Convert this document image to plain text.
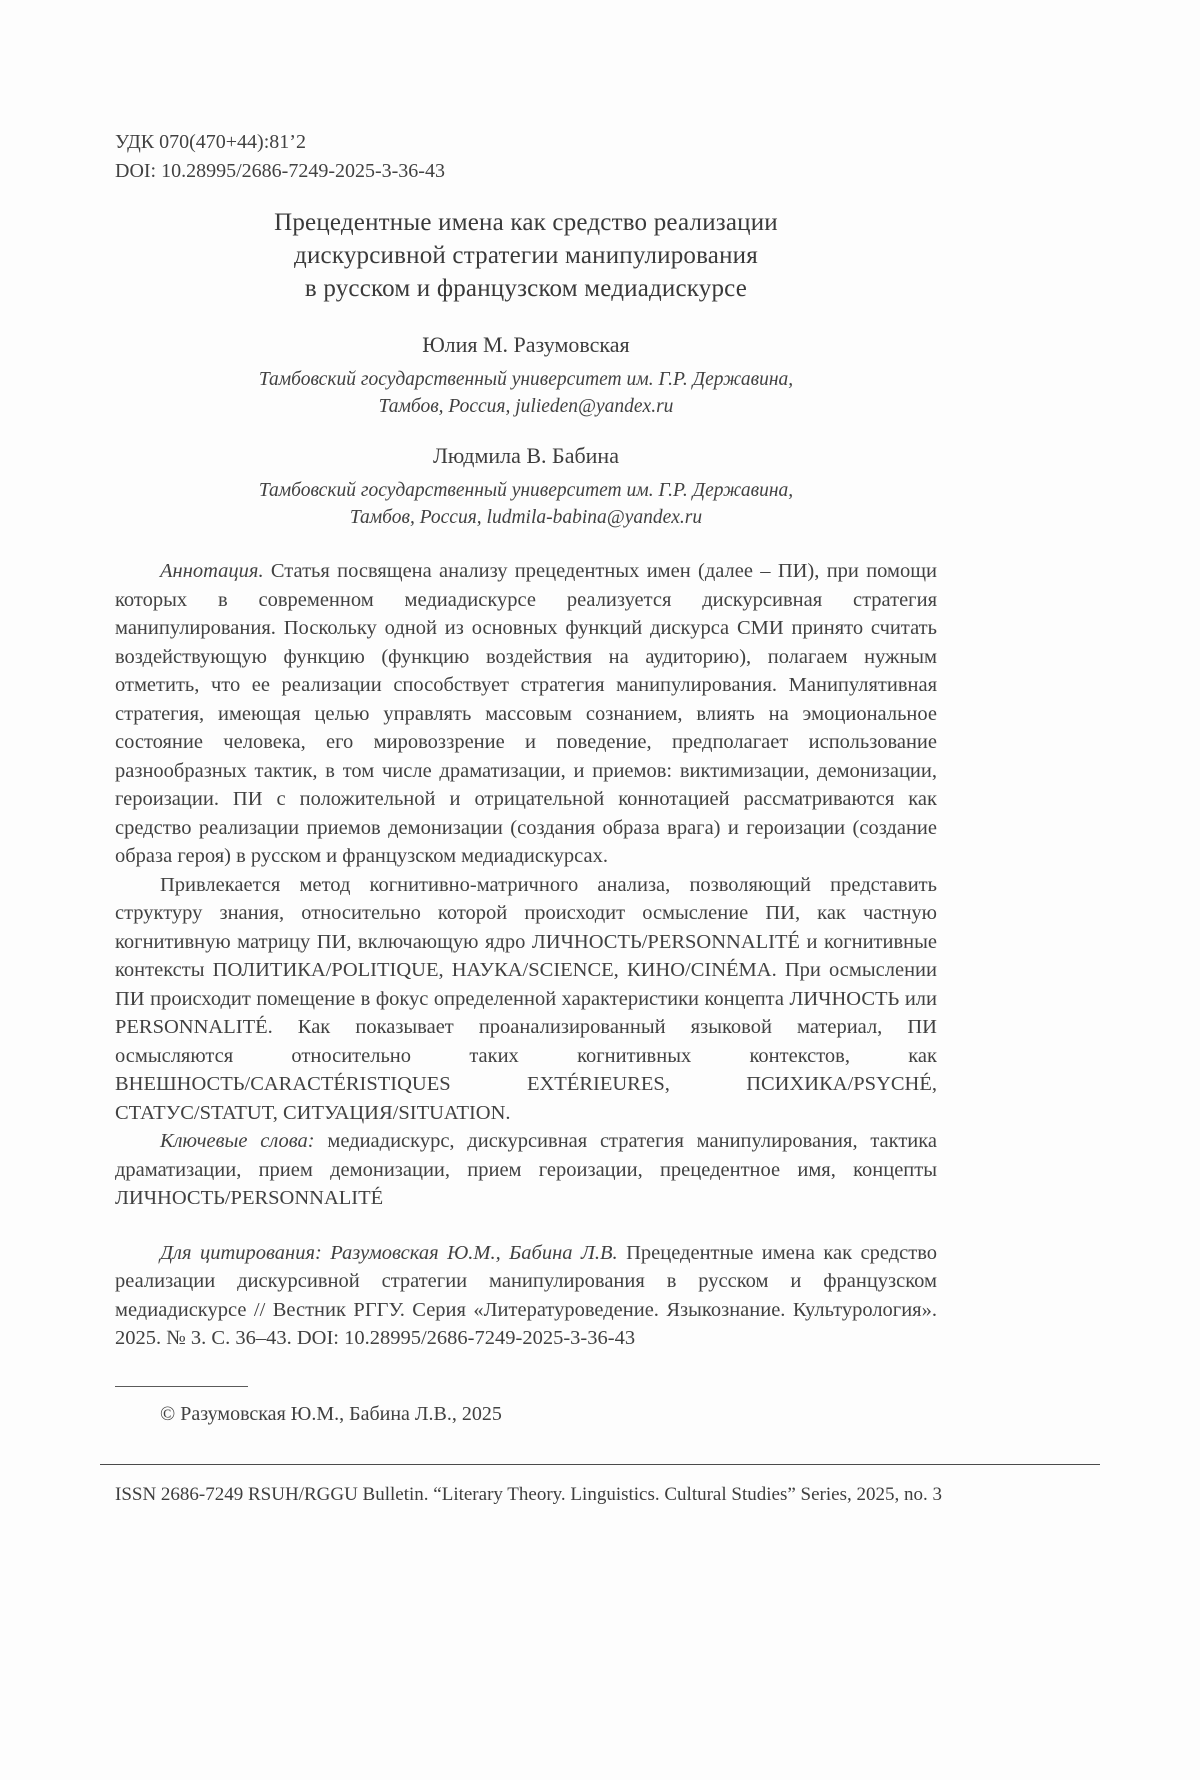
УДК 070(470+44):81’2
DOI: 10.28995/2686-7249-2025-3-36-43
Прецедентные имена как средство реализации
дискурсивной стратегии манипулирования
в русском и французском медиадискурсе
Юлия М. Разумовская
Тамбовский государственный университет им. Г.Р. Державина,
Тамбов, Россия, julieden@yandex.ru
Людмила В. Бабина
Тамбовский государственный университет им. Г.Р. Державина,
Тамбов, Россия, ludmila-babina@yandex.ru

Аннотация. Статья посвящена анализу прецедентных имен (далее – ПИ), при помощи которых в современном медиадискурсе реализуется дискурсивная стратегия манипулирования. Поскольку одной из основных функций дискурса СМИ принято считать воздействующую функцию (функцию воздействия на аудиторию), полагаем нужным отметить, что ее реализации способствует стратегия манипулирования. Манипулятивная стратегия, имеющая целью управлять массовым сознанием, влиять на эмоциональное состояние человека, его мировоззрение и поведение, предполагает использование разнообразных тактик, в том числе драматизации, и приемов: виктимизации, демонизации, героизации. ПИ с положительной и отрицательной коннотацией рассматриваются как средство реализации приемов демонизации (создания образа врага) и героизации (создание образа героя) в русском и французском медиадискурсах.

Привлекается метод когнитивно-матричного анализа, позволяющий представить структуру знания, относительно которой происходит осмысление ПИ, как частную когнитивную матрицу ПИ, включающую ядро ЛИЧНОСТЬ/PERSONNALITÉ и когнитивные контексты ПОЛИТИКА/POLITIQUE, НАУКА/SCIENCE, КИНО/CINÉMA. При осмыслении ПИ происходит помещение в фокус определенной характеристики концепта ЛИЧНОСТЬ или PERSONNALITÉ. Как показывает проанализированный языковой материал, ПИ осмысляются относительно таких когнитивных контекстов, как ВНЕШНОСТЬ/CARACTÉRISTIQUES EXTÉRIEURES, ПСИХИКА/PSYCHÉ, СТАТУС/STATUT, СИТУАЦИЯ/SITUATION.

Ключевые слова: медиадискурс, дискурсивная стратегия манипулирования, тактика драматизации, прием демонизации, прием героизации, прецедентное имя, концепты ЛИЧНОСТЬ/PERSONNALITÉ

Для цитирования: Разумовская Ю.М., Бабина Л.В. Прецедентные имена как средство реализации дискурсивной стратегии манипулирования в русском и французском медиадискурсе // Вестник РГГУ. Серия «Литературоведение. Языкознание. Культурология». 2025. № 3. С. 36–43. DOI: 10.28995/2686-7249-2025-3-36-43

© Разумовская Ю.М., Бабина Л.В., 2025
ISSN 2686-7249 RSUH/RGGU Bulletin. “Literary Theory. Linguistics. Cultural Studies” Series, 2025, no. 3
